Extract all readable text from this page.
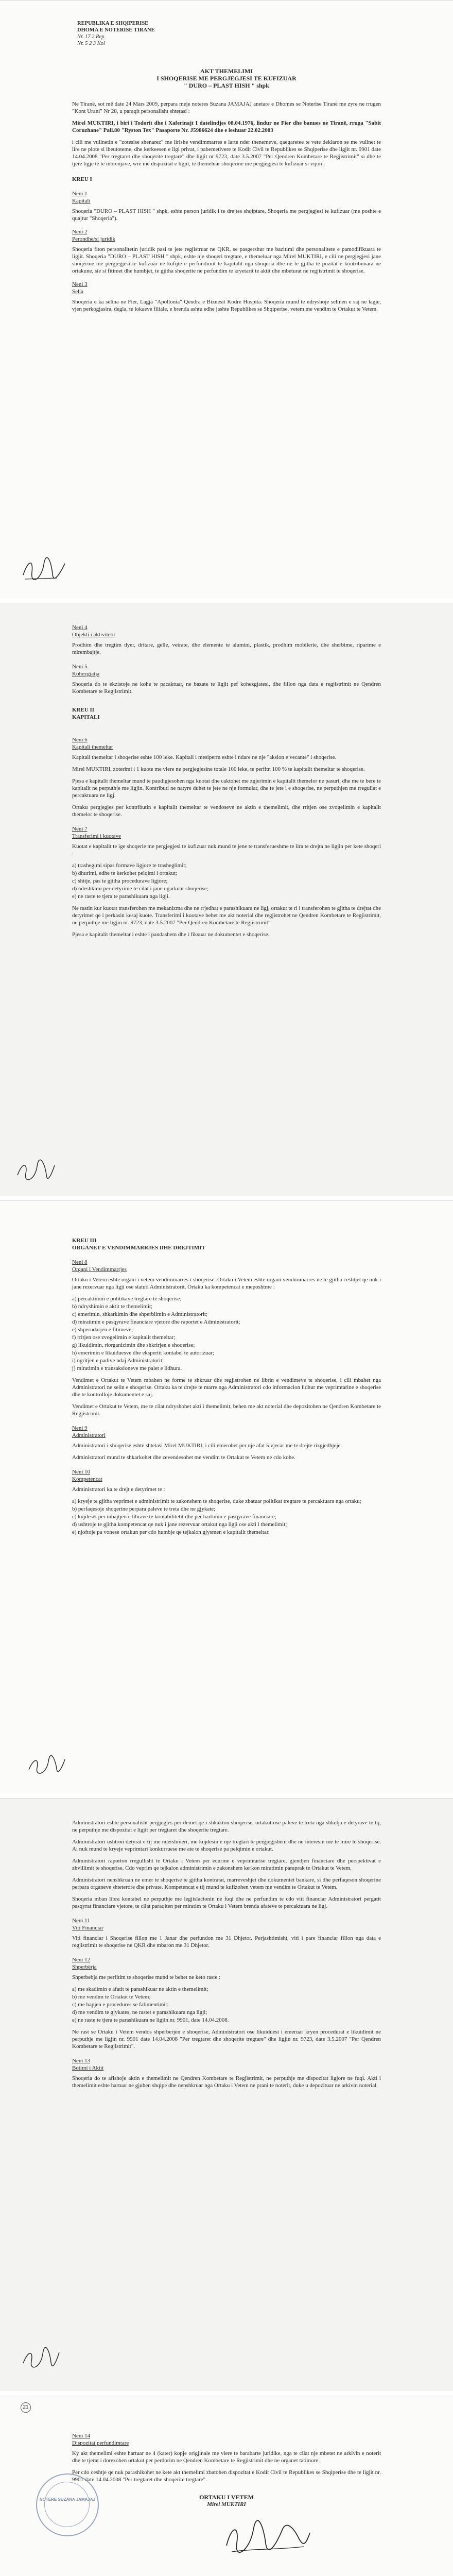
REPUBLIKA E SHQIPERISE
DHOMA E NOTERISE TIRANE
Nr. 17 2 Rep
Nr. 5 2 3 Kol
AKT THEMELIMI
I SHOQERISE ME PERGJEGJESI TE KUFIZUAR
" DURO – PLAST HISH " shpk

Ne Tiranë, sot më date 24 Mars 2009, perpara meje noteres Suzana JAMAJAJ anetare e Dhomes se Noterise Tiranë me zyre ne rrugen "Kont Urani" Nr 28, u paraqit personalisht shtetasi :

Mirel MUKTIRI, i biri i Todorit dhe i Xaferinajt I datelindjes 08.04.1976, lindur ne Fier dhe banues ne Tiranë, rruga "Sabit Coruzhane" Pall.80 "Ryston Tex" Pasaporte Nr. J5986624 dhe e leshuar 22.02.2003

i cili me vullnetin e "zotesise shenarez" me lirishe vendimmarres e larte nder thenemeve, qaegaretee te vete deklaron se me vullnet te lire ne plote si ibeutoteme, dhe kerkeesen e ligi privat, i pabemetivere te Kodit Civil te Republikes se Shqiperise dhe ligjit nr. 9901 date 14.04.2008 "Per tregtaret dhe shoqerite tregtare" dhe ligjit nr 9723, date 3.5.2007 "Per Qendren Kombetare te Regjistrimit" si dhe te tjere ligje te te mbrenjave, wre me dispozitat e ligjit, te themeluar shoqerine me pergjegjesi te kufizuar si vijon :

KREU I
Neni 1
Kapitali

Shoqeria "DURO – PLAST HISH " shpk, eshte person juridik i te drejtes shqiptare, Shoqeria me pergjegjesi te kufizuar (me poshte e quajtur "Shoqeria").

Neni 2
Perondhe/si juridik

Shoqeria fiton personalitetin juridik pasi te jete regjistruar ne QKR, se pasgershur me bazitimi dhe personalitete e pamodifikuara te ligjit. Shoqeria "DURO – PLAST HISH " shpk, eshte nje shoqeri tregtare, e themeluar nga Mirel MUKTIRI, e cili ne pergjegjesi jane shoqerine me pergjegjesi te kufizuar ne kufijte e perfundimit te kapitalit nga shoqeria dhe ne te gjitha te pozitat e kontribuuara ne ortakune, sie si fitimet dhe humbjet, te gjitha shoqerite ne perfundim te kryetarit te aktit dhe mbeturat ne regjistrimit te shoqerise.

Neni 3
Selia

Shoqeria e ka selina ne Fier, Lagja "Apollonia" Qendra e Biznesit Kodre Hospita. Shoqeria mund te ndryshoje selinen e saj ne lagje, vjen perkogjasira, degla, te lokaeve filiale, e brenda ashtu edhe jashte Republikes se Shqiperise, vetem me vendim te Ortakut te Vetem.

Neni 4
Objekti i aktivitetit

Prodhim dhe tregtim dyer, dritare, gelle, vetrate, dhe elemente te alumini, plastik, prodhim mobilerie, dhe sherbime, riparime e mirembajtje.

Neni 5
Kohezgjatja

Shoqeria do te ekzistoje ne kohe te pacaktuar, ne bazate te ligjit pef kohezgjatesi, dhe fillon nga data e regjistrimit ne Qendren Kombetare te Regjistrimit.

KREU II
KAPITALI
Neni 6
Kapitali themeltar

Kapitali themeltar i shoqerise eshte 100 leke. Kapitali i mesiperm eshte i ndare ne nje "aksion e vecante" i shoqerise.

Mirel MUKTIRI, zoterimi i 1 kuote me vlere ne pergjegjesine totale 100 leke, te perfitn 100 % te kapitalit themeltar te shoqerise.

Pjesa e kapitalit themeltar mund te paudigjesohen nga kuotat dhe caktohet me zgjerimin e kapitalit themelor ne pasuri, dhe me te bere te kapitalit ne perputhje me ligjin. Kontributi ne natyre duhet te jete ne nje formular, dhe te jete i e shoqerise, ne perputhjen me rregullat e percaktuara ne ligj.

Ortaku pergjegjes per kontributin e kapitalit themeltar te vendoseve ne aktin e themelimit, dhe rritjen ose zvogelimin e kapitalit themelor te shoqerise.

Neni 7
Transferimi i kuotave

Kuotat e kapitalit te ige shoqerie me pergjegjesi te kufizuar nuk mund te jene te transferueshme te lira te drejta ne ligjin per kete shoqeri :

a) trashegimi sipas formave ligjore te trasheglimit;
b) dhurimi, edhe te kerkohet pelqimi i ortakut;
c) shitje, pas te gjitha procedurave ligjore;
d) ndeshkimi per detyrime te cilat i jane ngarkuar shoqerise;
e) ne raste te tjera te parashikuara nga ligji.

Ne rastin kur kuotat transferohen me mekanizma dhe ne rrjedhat e parashikuara ne ligj, ortakut te ri i transferohen te gjitha te drejtat dhe detyrimet qe i perkasin kesaj kuote. Transferimi i kuotave behet me akt noterial dhe regjistrohet ne Qendren Kombetare te Regjistrimit, ne perputhje me ligjin nr. 9723, date 3.5.2007 "Per Qendren Kombetare te Regjistrimit".

Pjesa e kapitalit themeltar i eshte i pandashem dhe i fiksuar ne dokumentet e shoqerise.

KREU III
ORGANET E VENDIMMARRJES DHE DREJTIMIT
Neni 8
Organi i Vendimmarrjes

Ortaku i Vetem eshte organi i vetem vendimmarres i shoqerise. Ortaku i Vetem eshte organi vendimmarres ne te gjitha ceshtjet qe nuk i jane rezervuar nga ligji ose statuti Administratorit. Ortaku ka kompetencat e meposhtme :

a) percaktimin e politikave tregtare te shoqerise;
b) ndryshimin e aktit te themelimit;
c) emerimin, shkarkimin dhe shperblimin e Administratorit;
d) miratimin e pasqyrave financiare vjetore dhe raportet e Administratorit;
e) shperndarjen e fitimeve;
f) rritjen ose zvogelimin e kapitalit themeltar;
g) likuidimin, riorganizimin dhe shkrirjen e shoqerise;
h) emerimin e likuiduesve dhe ekspertit kontabel te autorizuar;
i) ngritjen e padive ndaj Administratorit;
j) miratimin e transaksioneve me palet e lidhura.

Vendimet e Ortakut te Vetem mbahen ne forme te shkruar dhe regjistrohen ne librin e vendimeve te shoqerise, i cili mbahet nga Administratori ne selin e shoqerise. Ortaku ka te drejte te marre nga Administratori cdo informacion lidhur me veprimtarine e shoqerise dhe te kontrolloje dokumentet e saj.

Vendimet e Ortakut te Vetem, me te cilat ndryshohet akti i themelimit, behen me akt noterial dhe depozitohen ne Qendren Kombetare te Regjistrimit.

Neni 9
Administratori

Administratori i shoqerise eshte shtetasi Mirel MUKTIRI, i cili emerohet per nje afat 5 vjecar me te drejte rizgjedhjeje.

Administratori mund te shkarkohet dhe zevendesohet me vendim te Ortakut te Vetem ne cdo kohe.

Neni 10
Kompetencat

Administratori ka te drejt e detyrimet te :

a) kryeje te gjitha veprimet e administrimit te zakonshem te shoqerise, duke zbatuar politikat tregtare te percaktuara nga ortaku;
b) perfaqesoje shoqerine perpara paleve te treta dhe ne gjykate;
c) kujdeset per mbajtjen e librave te kontabilitetit dhe per hartimin e pasqyrave financiare;
d) ushtroje te gjitha kompetencat qe nuk i jane rezervuar ortakut nga ligji ose akti i themelimit;
e) njoftoje pa vonese ortakun per cdo humbje qe tejkalon gjysmen e kapitalit themeltar.

Administratori eshte personalisht pergjegjes per demet qe i shkakton shoqerise, ortakut ose paleve te treta nga shkelja e detyrave te tij, ne perputhje me dispozitat e ligjit per tregtaret dhe shoqerite tregtare.

Administratori ushtron detyrat e tij me ndershmeri, me kujdesin e nje tregtari te pergjegjshem dhe ne interesin me te mire te shoqerise. Ai nuk mund te kryeje veprimtari konkurruese me ate te shoqerise pa pelqimin e ortakut.

Administratori raporton rregullisht te Ortaku i Vetem per ecurine e veprimtarise tregtare, gjendjen financiare dhe perspektivat e zhvillimit te shoqerise. Cdo veprim qe tejkalon administrimin e zakonshem kerkon miratimin paraprak te Ortakut te Vetem.

Administratori nenshkruan ne emer te shoqerise te gjitha kontratat, marreveshjet dhe dokumentet bankare, si dhe perfaqeson shoqerine perpara organeve shteterore dhe private. Kompetencat e tij mund te kufizohen vetem me vendim te Ortakut te Vetem.

Shoqeria mban libra kontabel ne perputhje me legjislacionin ne fuqi dhe ne perfundim te cdo viti financiar Administratori pergatit pasqyrat financiare vjetore, te cilat paraqiten per miratim te Ortaku i Vetem brenda afateve te percaktuara ne ligj.

Neni 11
Viti Financiar

Viti financiar i Shoqerise fillon me 1 Janar dhe perfundon me 31 Dhjetor. Perjashtimisht, viti i pare financiar fillon nga data e regjistrimit te shoqerise ne QKR dhe mbaron me 31 Dhjetor.

Neni 12
Shperbërja

Shperbebja me perfitim te shoqerise mund te behet ne keto raste :

a) me skadimin e afatit te parashikuar ne aktin e themelimit;
b) me vendim te Ortakut te Vetem;
c) me hapjen e procedures se falimentimit;
d) me vendim te gjykates, ne rastet e parashikuara nga ligji;
e) ne raste te tjera te parashikuara ne ligjin nr. 9901, date 14.04.2008.

Ne rast se Ortaku i Vetem vendos shperberjen e shoqerise, Administratori ose likuiduesi i emeruar kryen procedurat e likuidimit ne perputhje me ligjin nr. 9901 date 14.04.2008 "Per tregtaret dhe shoqerite tregtare" dhe ligjin nr. 9723, date 3.5.2007 "Per Qendren Kombetare te Regjistrimit".

Neni 13
Botimi i Aktit

Shoqeria do te afishoje aktin e themelimit ne Qendren Kombetare te Regjistrimit, ne perputhje me dispozitat ligjore ne fuqi. Akti i themelimit eshte hartuar ne gjuhen shqipe dhe nenshkruar nga Ortaku i Vetem ne prani te noterit, duke u depozituar ne arkivin noterial.

21
Neni 14
Dispozitat perfundimtare

Ky akt themelimi eshte hartuar ne 4 (kater) kopje origjinale me vlere te barabarte juridike, nga te cilat nje mbetet ne arkivin e noterit dhe te tjerat i dorezohen ortakut per perdorim ne Qendren Kombetare te Regjistrimit dhe ne organet tatimore.

Per cdo ceshtje qe nuk parashikohet ne kete akt themelimi zbatohen dispozitat e Kodit Civil te Republikes se Shqiperise dhe te ligjit nr. 9901 date 14.04.2008 "Per tregtaret dhe shoqerite tregtare".

ORTAKU I VETEM
Mirel MUKTIRI
NOTERE SUZANA JAMAJAJ
